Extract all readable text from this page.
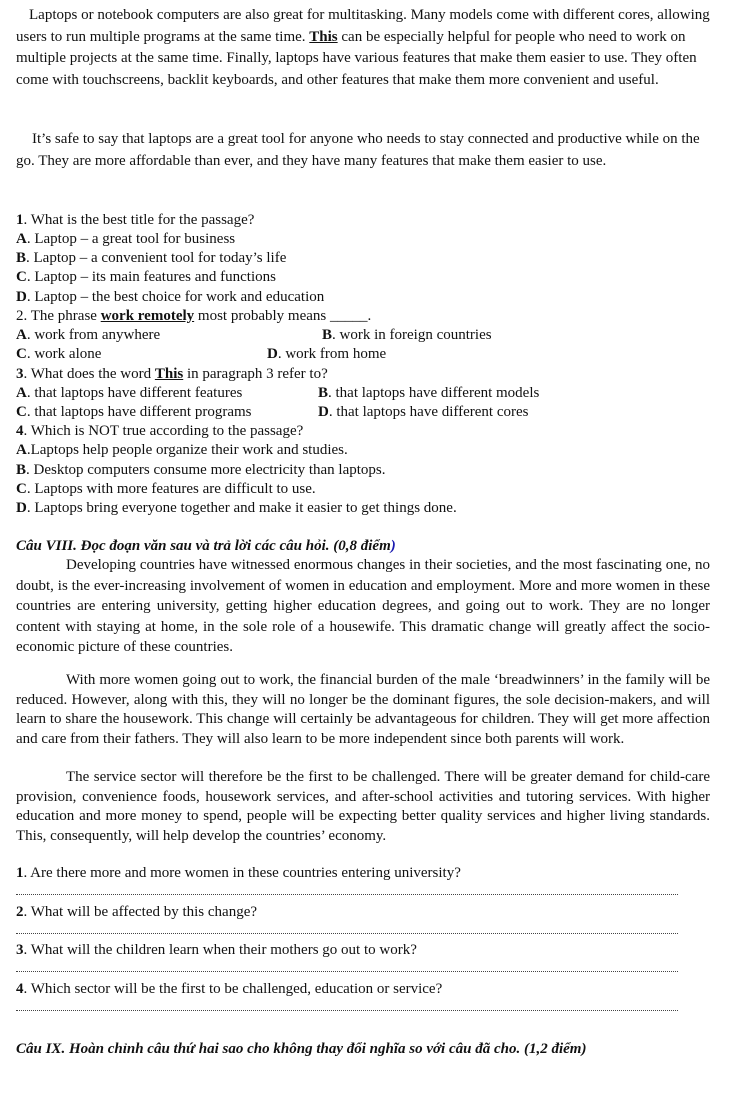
Laptops or notebook computers are also great for multitasking. Many models come with different cores, allowing users to run multiple programs at the same time. This can be especially helpful for people who need to work on multiple projects at the same time. Finally, laptops have various features that make them easier to use. They often come with touchscreens, backlit keyboards, and other features that make them more convenient and useful.

It’s safe to say that laptops are a great tool for anyone who needs to stay connected and productive while on the go. They are more affordable than ever, and they have many features that make them easier to use.

1. What is the best title for the passage?
A. Laptop – a great tool for business
B. Laptop – a convenient tool for today’s life
C. Laptop – its main features and functions
D. Laptop – the best choice for work and education
2. The phrase work remotely most probably means _____.
A. work from anywhere	B. work in foreign countries
C. work alone	D. work from home
3. What does the word This in paragraph 3 refer to?
A. that laptops have different features	B. that laptops have different models
C. that laptops have different programs	D. that laptops have different cores
4. Which is NOT true according to the passage?
A.Laptops help people organize their work and studies.
B. Desktop computers consume more electricity than laptops.
C. Laptops with more features are difficult to use.
D. Laptops bring everyone together and make it easier to get things done.
Câu VIII. Đọc đoạn văn sau và trả lời các câu hỏi. (0,8 điểm)

Developing countries have witnessed enormous changes in their societies, and the most fascinating one, no doubt, is the ever-increasing involvement of women in education and employment. More and more women in these countries are entering university, getting higher education degrees, and going out to work. They are no longer content with staying at home, in the sole role of a housewife. This dramatic change will greatly affect the socio-economic picture of these countries.

With more women going out to work, the financial burden of the male ‘breadwinners’ in the family will be reduced. However, along with this, they will no longer be the dominant figures, the sole decision-makers, and will learn to share the housework. This change will certainly be advantageous for children. They will get more affection and care from their fathers. They will also learn to be more independent since both parents will work.

The service sector will therefore be the first to be challenged. There will be greater demand for child-care provision, convenience foods, housework services, and after-school activities and tutoring services. With higher education and more money to spend, people will be expecting better quality services and higher living standards. This, consequently, will help develop the countries’ economy.

1. Are there more and more women in these countries entering university?
2. What will be affected by this change?
3. What will the children learn when their mothers go out to work?
4. Which sector will be the first to be challenged, education or service?
Câu IX. Hoàn chỉnh câu thứ hai sao cho không thay đổi nghĩa so với câu đã cho. (1,2 điểm)
